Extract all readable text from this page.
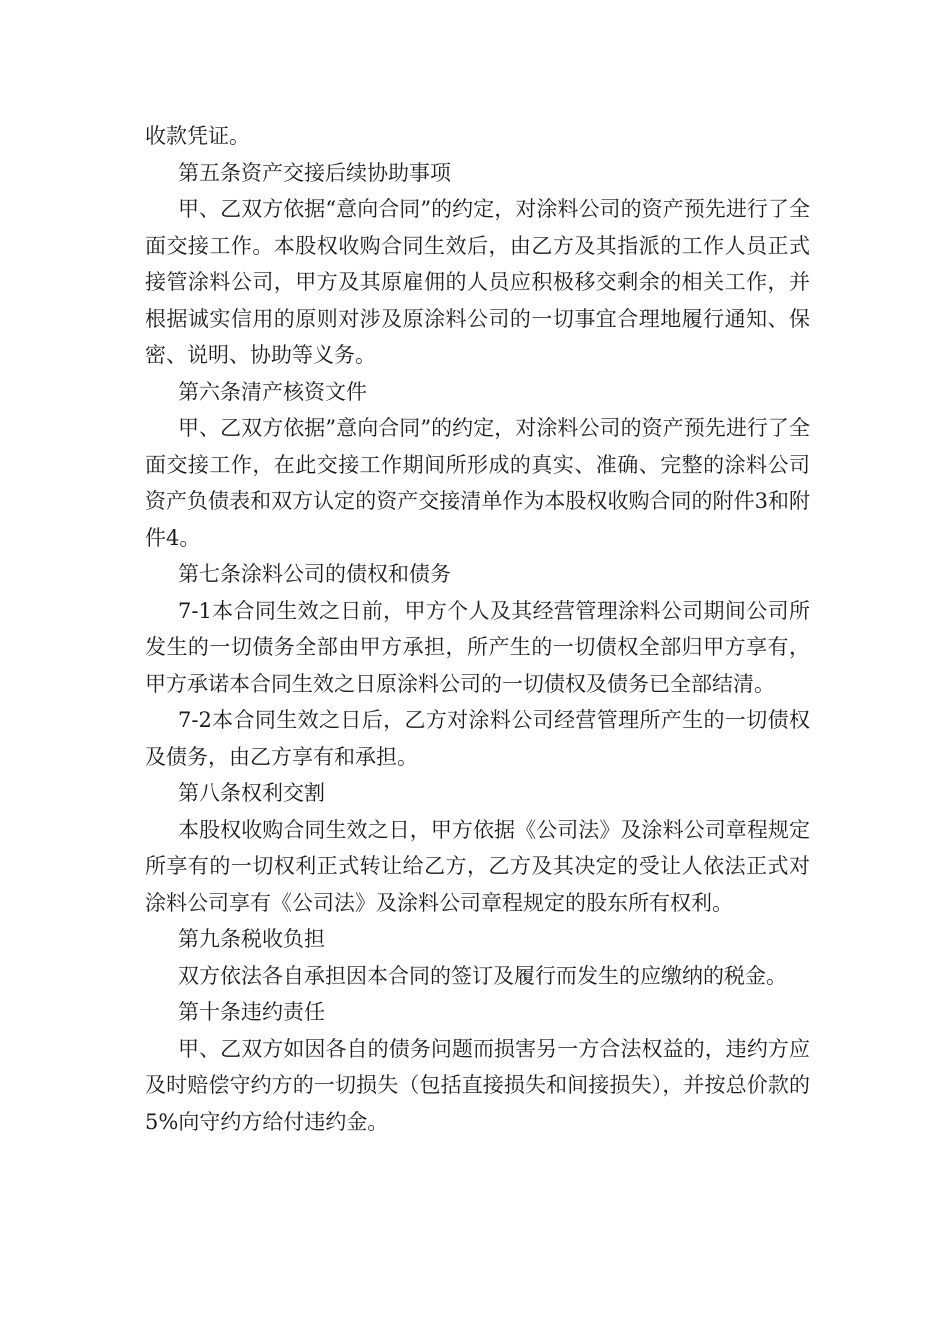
收款凭证。

第五条资产交接后续协助事项

甲、乙双方依据“意向合同”的约定，对涂料公司的资产预先进行了全面交接工作。本股权收购合同生效后，由乙方及其指派的工作人员正式接管涂料公司，甲方及其原雇佣的人员应积极移交剩余的相关工作，并根据诚实信用的原则对涉及原涂料公司的一切事宜合理地履行通知、保密、说明、协助等义务。

第六条清产核资文件

甲、乙双方依据”意向合同”的约定，对涂料公司的资产预先进行了全面交接工作，在此交接工作期间所形成的真实、准确、完整的涂料公司资产负债表和双方认定的资产交接清单作为本股权收购合同的附件3和附件4。

第七条涂料公司的债权和债务

7-1本合同生效之日前，甲方个人及其经营管理涂料公司期间公司所发生的一切债务全部由甲方承担，所产生的一切债权全部归甲方享有，甲方承诺本合同生效之日原涂料公司的一切债权及债务已全部结清。

7-2本合同生效之日后，乙方对涂料公司经营管理所产生的一切债权及债务，由乙方享有和承担。

第八条权利交割

本股权收购合同生效之日，甲方依据《公司法》及涂料公司章程规定所享有的一切权利正式转让给乙方，乙方及其决定的受让人依法正式对涂料公司享有《公司法》及涂料公司章程规定的股东所有权利。

第九条税收负担

双方依法各自承担因本合同的签订及履行而发生的应缴纳的税金。

第十条违约责任

甲、乙双方如因各自的债务问题而损害另一方合法权益的，违约方应及时赔偿守约方的一切损失（包括直接损失和间接损失），并按总价款的5%向守约方给付违约金。
